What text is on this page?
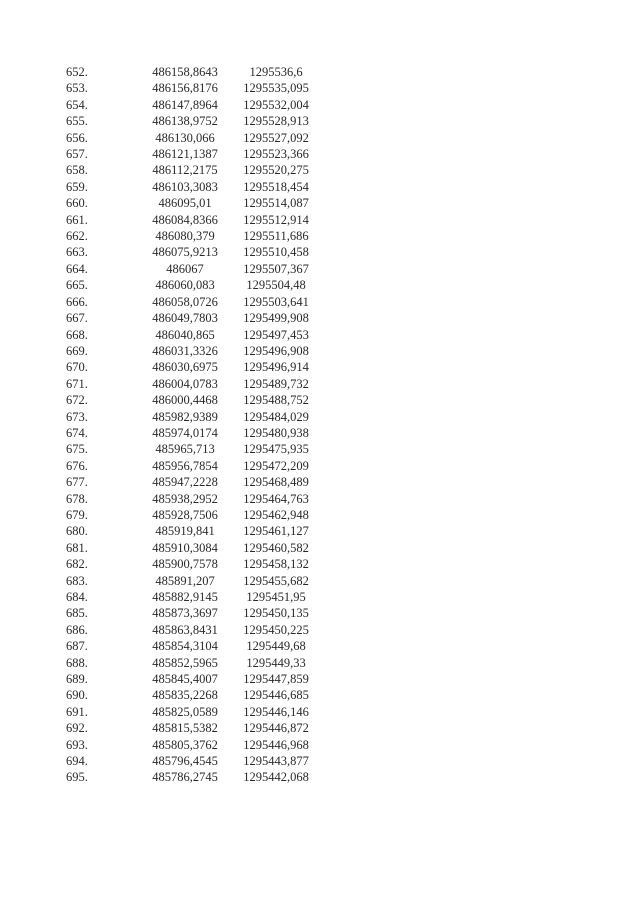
652.	486158,8643	1295536,6
653.	486156,8176	1295535,095
654.	486147,8964	1295532,004
655.	486138,9752	1295528,913
656.	486130,066	1295527,092
657.	486121,1387	1295523,366
658.	486112,2175	1295520,275
659.	486103,3083	1295518,454
660.	486095,01	1295514,087
661.	486084,8366	1295512,914
662.	486080,379	1295511,686
663.	486075,9213	1295510,458
664.	486067	1295507,367
665.	486060,083	1295504,48
666.	486058,0726	1295503,641
667.	486049,7803	1295499,908
668.	486040,865	1295497,453
669.	486031,3326	1295496,908
670.	486030,6975	1295496,914
671.	486004,0783	1295489,732
672.	486000,4468	1295488,752
673.	485982,9389	1295484,029
674.	485974,0174	1295480,938
675.	485965,713	1295475,935
676.	485956,7854	1295472,209
677.	485947,2228	1295468,489
678.	485938,2952	1295464,763
679.	485928,7506	1295462,948
680.	485919,841	1295461,127
681.	485910,3084	1295460,582
682.	485900,7578	1295458,132
683.	485891,207	1295455,682
684.	485882,9145	1295451,95
685.	485873,3697	1295450,135
686.	485863,8431	1295450,225
687.	485854,3104	1295449,68
688.	485852,5965	1295449,33
689.	485845,4007	1295447,859
690.	485835,2268	1295446,685
691.	485825,0589	1295446,146
692.	485815,5382	1295446,872
693.	485805,3762	1295446,968
694.	485796,4545	1295443,877
695.	485786,2745	1295442,068
